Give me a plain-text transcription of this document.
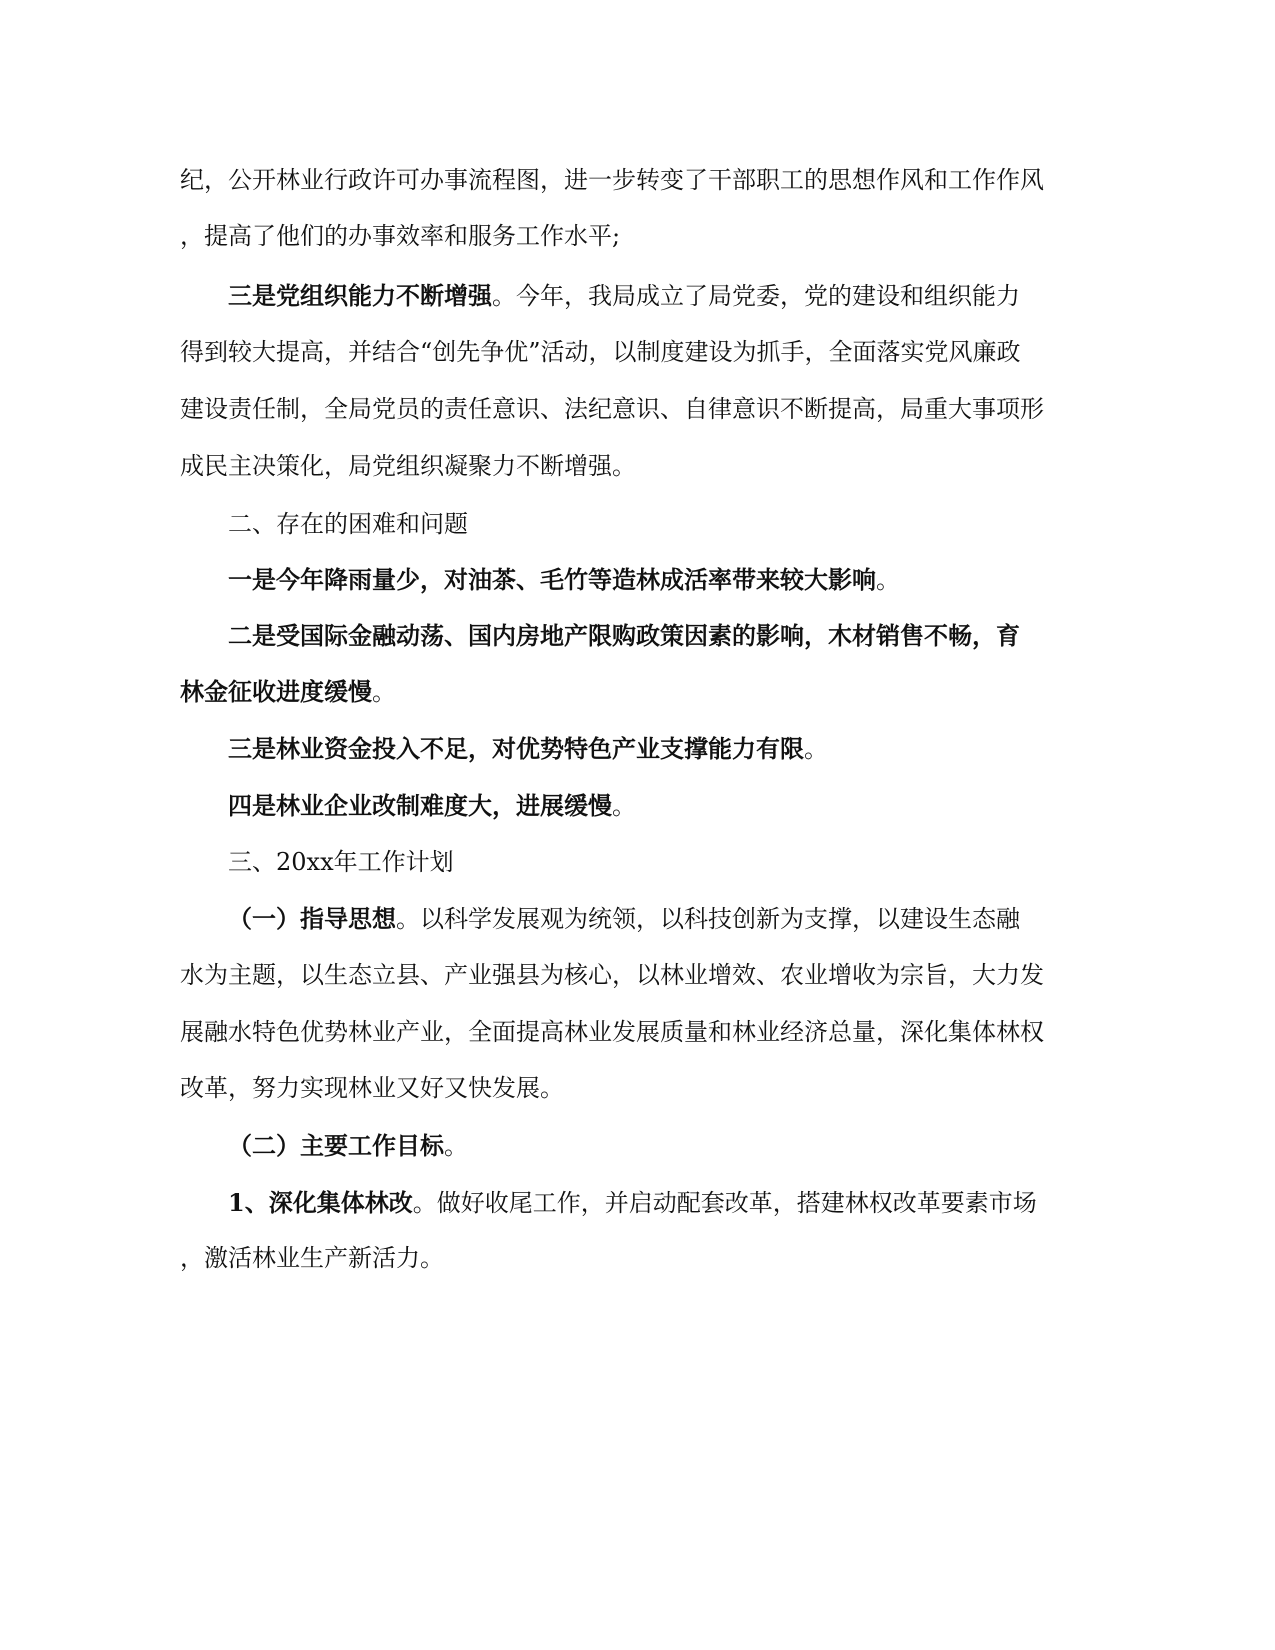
纪，公开林业行政许可办事流程图，进一步转变了干部职工的思想作风和工作作风
，提高了他们的办事效率和服务工作水平;
三是党组织能力不断增强。今年，我局成立了局党委，党的建设和组织能力
得到较大提高，并结合“创先争优”活动，以制度建设为抓手，全面落实党风廉政
建设责任制，全局党员的责任意识、法纪意识、自律意识不断提高，局重大事项形
成民主决策化，局党组织凝聚力不断增强。
二、存在的困难和问题
一是今年降雨量少，对油茶、毛竹等造林成活率带来较大影响。
二是受国际金融动荡、国内房地产限购政策因素的影响，木材销售不畅，育
林金征收进度缓慢。
三是林业资金投入不足，对优势特色产业支撑能力有限。
四是林业企业改制难度大，进展缓慢。
三、20xx年工作计划
（一）指导思想。以科学发展观为统领，以科技创新为支撑，以建设生态融
水为主题，以生态立县、产业强县为核心，以林业增效、农业增收为宗旨，大力发
展融水特色优势林业产业，全面提高林业发展质量和林业经济总量，深化集体林权
改革，努力实现林业又好又快发展。
（二）主要工作目标。
1、深化集体林改。做好收尾工作，并启动配套改革，搭建林权改革要素市场
，激活林业生产新活力。
